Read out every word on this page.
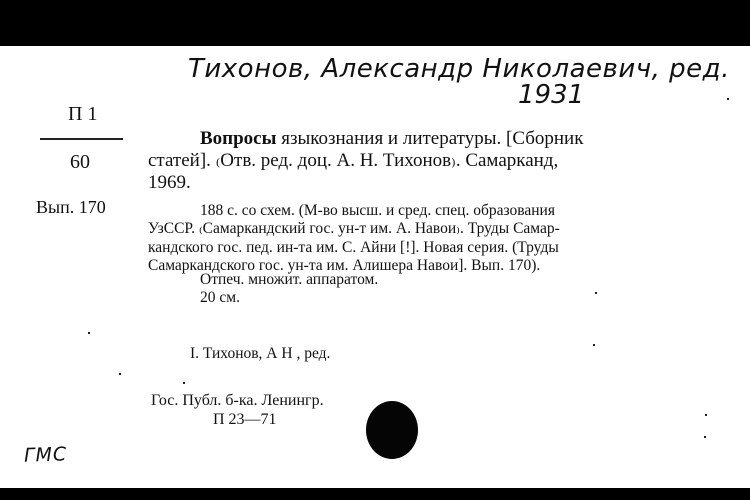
Тихонов, Александр Николаевич, ред.
1931
П 1
60
Вып. 170

Вопросы языкознания и литературы. [Сборник

статей]. ₍Отв. ред. доц. А. Н. Тихонов₎. Самарканд,

1969.

188 с. со схем. (М-во высш. и сред. спец. образования
УзССР. ₍Самаркандский гос. ун-т им. А. Навои₎. Труды Самар-
кандского гос. пед. ин-та им. С. Айни [!]. Новая серия. (Труды
Самаркандского гос. ун-та им. Алишера Навои]. Вып. 170).
Отпеч. множит. аппаратом.
20 см.
I. Тихонов, А Н , ред.
Гос. Публ. б-ка. Ленингр.
П 23—71
ГМС
